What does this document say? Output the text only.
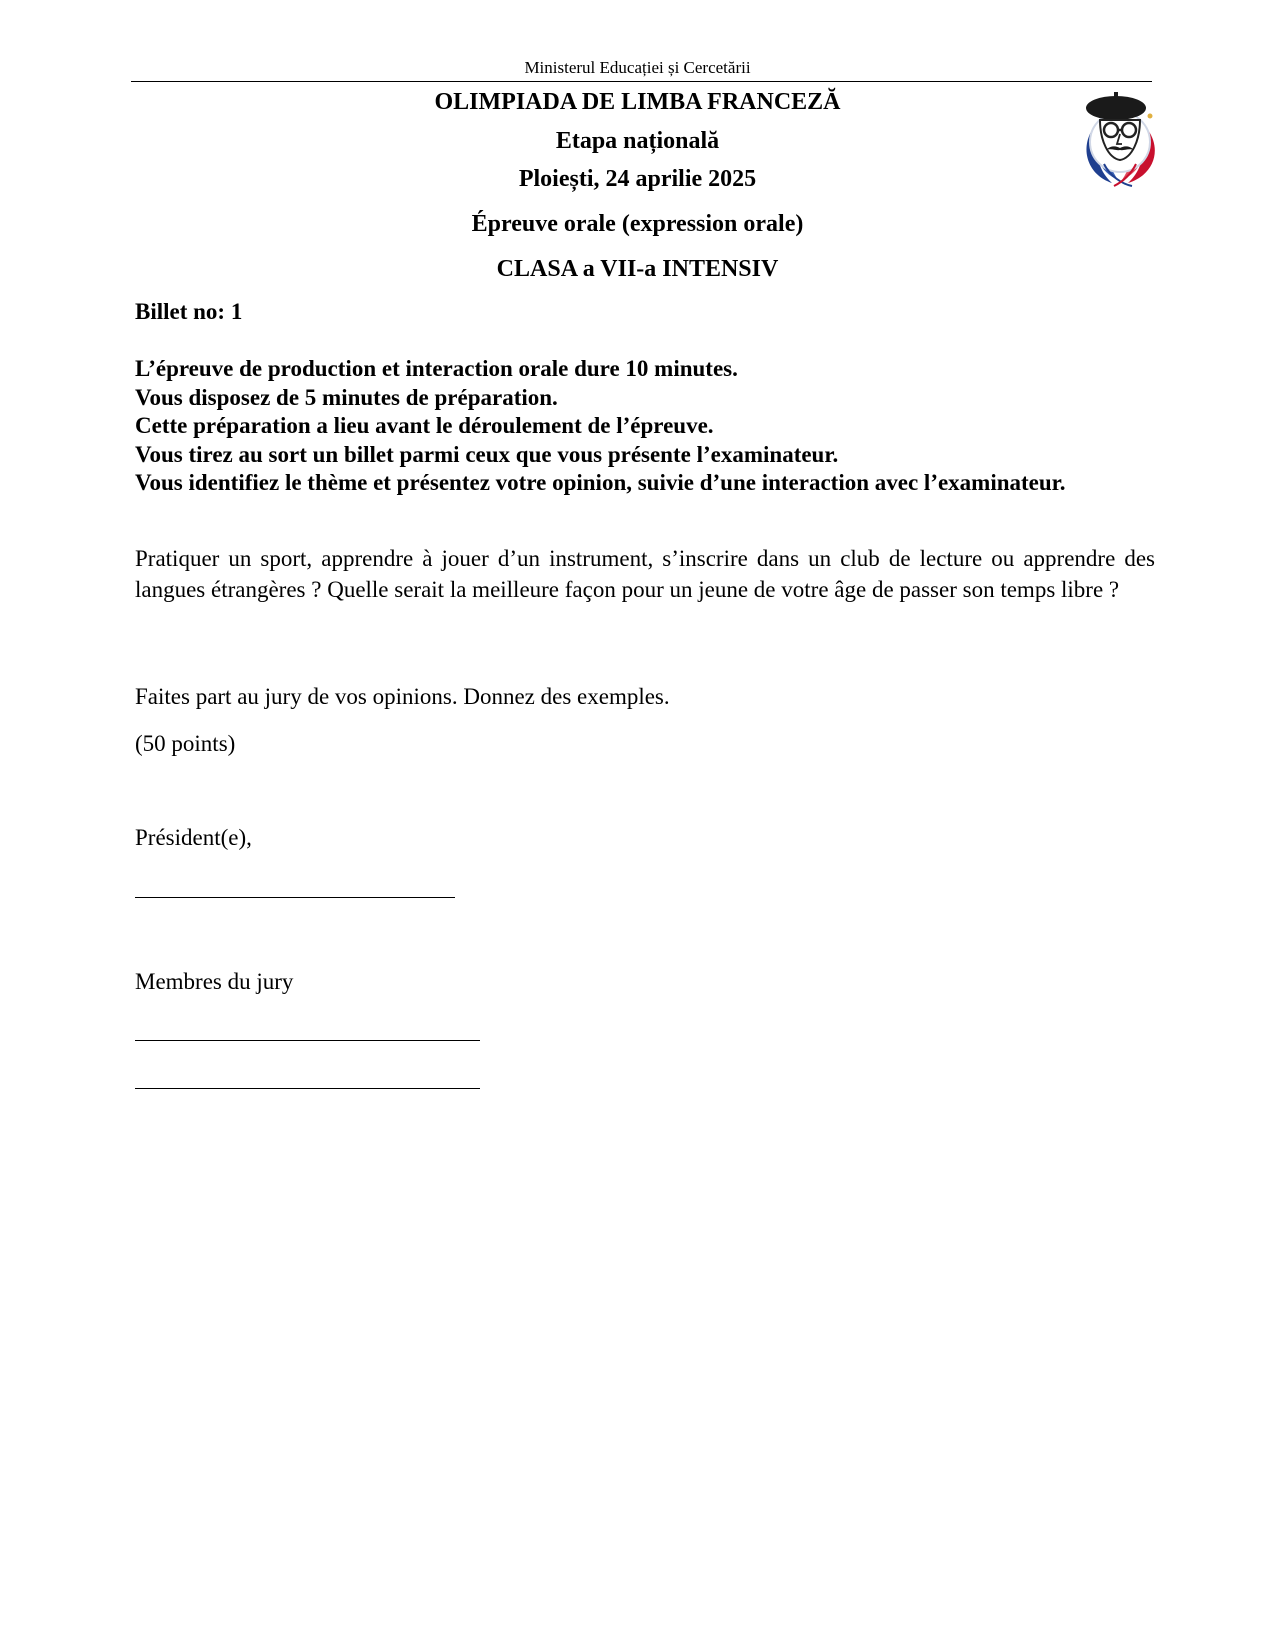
Ministerul Educației și Cercetării
OLIMPIADA DE LIMBA FRANCEZĂ
Etapa națională
Ploiești, 24 aprilie 2025
Épreuve orale (expression orale)
CLASA a VII-a INTENSIV
Billet no: 1
L’épreuve de production et interaction orale dure 10 minutes.
Vous disposez de 5 minutes de préparation.
Cette préparation a lieu avant le déroulement de l’épreuve.
Vous tirez au sort un billet parmi ceux que vous présente l’examinateur.
Vous identifiez le thème et présentez votre opinion, suivie d’une interaction avec l’examinateur.
Pratiquer un sport, apprendre à jouer d’un instrument, s’inscrire dans un club de lecture ou apprendre des langues étrangères ? Quelle serait la meilleure façon pour un jeune de votre âge de passer son temps libre ?
Faites part au jury de vos opinions. Donnez des exemples.
(50 points)
Président(e),
Membres du jury
